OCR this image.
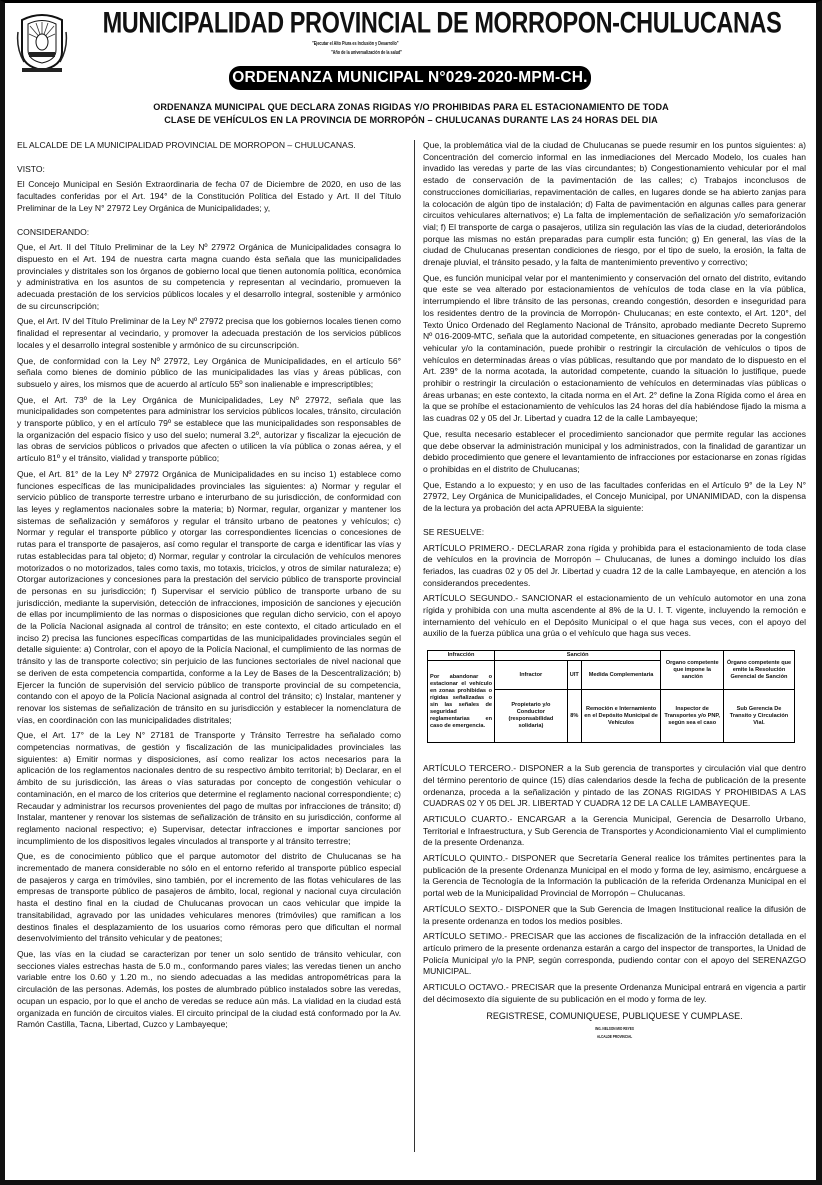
MUNICIPALIDAD PROVINCIAL DE MORROPON-CHULUCANAS
"Ejecutar el Alto Piura es Inclusión y Desarrollo"
"Año de la universalización de la salud"
ORDENANZA MUNICIPAL N°029-2020-MPM-CH.
ORDENANZA MUNICIPAL QUE DECLARA ZONAS RIGIDAS Y/O PROHIBIDAS PARA EL ESTACIONAMIENTO DE TODA
CLASE DE VEHÍCULOS EN LA PROVINCIA DE MORROPÓN – CHULUCANAS DURANTE LAS 24 HORAS DEL DIA

EL ALCALDE DE LA MUNICIPALIDAD PROVINCIAL DE MORROPON – CHULUCANAS.

VISTO:

El Concejo Municipal en Sesión Extraordinaria de fecha 07 de Diciembre de 2020, en uso de las facultades conferidas por el Art. 194° de la Constitución Política del Estado y Art. II del Título Preliminar de la Ley N° 27972 Ley Orgánica de Municipalidades; y,

CONSIDERANDO:

Que, el Art. II del Título Preliminar de la Ley Nº 27972 Orgánica de Municipalidades consagra lo dispuesto en el Art. 194 de nuestra carta magna cuando ésta señala que las municipalidades provinciales y distritales son los órganos de gobierno local que tienen autonomía política, económica y administrativa en los asuntos de su competencia y representan al vecindario, promueven la adecuada prestación de los servicios públicos locales y el desarrollo integral, sostenible y armónico de su circunscripción;

Que, el Art. IV del Título Preliminar de la Ley Nº 27972 precisa que los gobiernos locales tienen como finalidad el representar al vecindario, y promover la adecuada prestación de los servicios públicos locales y el desarrollo integral sostenible y armónico de su circunscripción.

Que, de conformidad con la Ley Nº 27972, Ley Orgánica de Municipalidades, en el artículo 56° señala como bienes de dominio público de las municipalidades las vías y áreas públicas, con subsuelo y aires, los mismos que de acuerdo al artículo 55º son inalienable e imprescriptibles;

Que, el Art. 73º de la Ley Orgánica de Municipalidades, Ley Nº 27972, señala que las municipalidades son competentes para administrar los servicios públicos locales, tránsito, circulación y transporte público, y en el artículo 79º se establece que las municipalidades son responsables de la organización del espacio físico y uso del suelo; numeral 3.2º, autorizar y fiscalizar la ejecución de las obras de servicios públicos o privados que afecten o utilicen la vía pública o zonas aérea, y el artículo 81º y el tránsito, vialidad y transporte público;

Que, el Art. 81° de la Ley Nº 27972 Orgánica de Municipalidades en su inciso 1) establece como funciones específicas de las municipalidades provinciales las siguientes: a) Normar y regular el servicio público de transporte terrestre urbano e interurbano de su jurisdicción, de conformidad con las leyes y reglamentos nacionales sobre la materia; b) Normar, regular, organizar y mantener los sistemas de señalización y semáforos y regular el tránsito urbano de peatones y vehículos; c) Normar y regular el transporte público y otorgar las correspondientes licencias o concesiones de rutas para el transporte de pasajeros, así como regular el transporte de carga e identificar las vías y rutas establecidas para tal objeto; d) Normar, regular y controlar la circulación de vehículos menores motorizados o no motorizados, tales como taxis, mo totaxis, triciclos, y otros de similar naturaleza; e) Otorgar autorizaciones y concesiones para la prestación del servicio público de transporte provincial de personas en su jurisdicción; f) Supervisar el servicio público de transporte urbano de su jurisdicción, mediante la supervisión, detección de infracciones, imposición de sanciones y ejecución de ellas por incumplimiento de las normas o disposiciones que regulan dicho servicio, con el apoyo de la Policía Nacional asignada al control de tránsito; en este contexto, el citado articulado en el inciso 2) precisa las funciones específicas compartidas de las municipalidades provinciales según el detalle siguiente: a) Controlar, con el apoyo de la Policía Nacional, el cumplimiento de las normas de tránsito y las de transporte colectivo; sin perjuicio de las funciones sectoriales de nivel nacional que se deriven de esta competencia compartida, conforme a la Ley de Bases de la Descentralización; b) Ejercer la función de supervisión del servicio público de transporte provincial de su competencia, contando con el apoyo de la Policía Nacional asignada al control del tránsito; c) Instalar, mantener y renovar los sistemas de señalización de tránsito en su jurisdicción y establecer la nomenclatura de vías, en coordinación con las municipalidades distritales;

Que, el Art. 17° de la Ley N° 27181 de Transporte y Tránsito Terrestre ha señalado como competencias normativas, de gestión y fiscalización de las municipalidades provinciales las siguientes: a) Emitir normas y disposiciones, así como realizar los actos necesarios para la aplicación de los reglamentos nacionales dentro de su respectivo ámbito territorial; b) Declarar, en el ámbito de su jurisdicción, las áreas o vías saturadas por concepto de congestión vehicular o contaminación, en el marco de los criterios que determine el reglamento nacional correspondiente; c) Recaudar y administrar los recursos provenientes del pago de multas por infracciones de tránsito; d) Instalar, mantener y renovar los sistemas de señalización de tránsito en su jurisdicción, conforme al reglamento nacional respectivo; e) Supervisar, detectar infracciones e importar sanciones por incumplimiento de los dispositivos legales vinculados al transporte y al tránsito terrestre;

Que, es de conocimiento público que el parque automotor del distrito de Chulucanas se ha incrementado de manera considerable no sólo en el entorno referido al transporte público especial de pasajeros y carga en trimóviles, sino también, por el incremento de las flotas vehiculares de las empresas de transporte público de pasajeros de ámbito, local, regional y nacional cuya circulación hasta el destino final en la ciudad de Chulucanas provocan un caos vehicular que impide la transitabilidad, agravado por las unidades vehiculares menores (trimóviles) que ramifican a los destinos finales el desplazamiento de los usuarios como rémoras pero que dificultan el normal desenvolvimiento del tránsito vehicular y de peatones;

Que, las vías en la ciudad se caracterizan por tener un solo sentido de tránsito vehicular, con secciones viales estrechas hasta de 5.0 m., conformando pares viales; las veredas tienen un ancho variable entre los 0.60 y 1.20 m., no siendo adecuadas a las medidas antropométricas para la circulación de las personas. Además, los postes de alumbrado público instalados sobre las veredas, ocupan un espacio, por lo que el ancho de veredas se reduce aún más. La vialidad en la ciudad está organizada en función de circuitos viales. El circuito principal de la ciudad está conformado por la Av. Ramón Castilla, Tacna, Libertad, Cuzco y Lambayeque;

Que, la problemática vial de la ciudad de Chulucanas se puede resumir en los puntos siguientes: a) Concentración del comercio informal en las inmediaciones del Mercado Modelo, los cuales han invadido las veredas y parte de las vías circundantes; b) Congestionamiento vehicular por el mal estado de conservación de la pavimentación de las calles; c) Trabajos inconclusos de construcciones domiciliarias, repavimentación de calles, en lugares donde se ha abierto zanjas para la colocación de algún tipo de instalación; d) Falta de pavimentación en algunas calles para generar circuitos vehiculares alternativos; e) La falta de implementación de señalización y/o semaforización vial; f) El transporte de carga o pasajeros, utiliza sin regulación las vías de la ciudad, deteriorándolos porque las mismas no están preparadas para cumplir esta función; g) En general, las vías de la ciudad de Chulucanas presentan condiciones de riesgo, por el tipo de suelo, la erosión, la falta de drenaje pluvial, el tránsito pesado, y la falta de mantenimiento preventivo y correctivo;

Que, es función municipal velar por el mantenimiento y conservación del ornato del distrito, evitando que este se vea alterado por estacionamientos de vehículos de toda clase en la vía pública, interrumpiendo el libre tránsito de las personas, creando congestión, desorden e inseguridad para los residentes dentro de la provincia de Morropón- Chulucanas; en este contexto, el Art. 120°, del Texto Único Ordenado del Reglamento Nacional de Tránsito, aprobado mediante Decreto Supremo Nº 016-2009-MTC, señala que la autoridad competente, en situaciones generadas por la congestión vehicular y/o la contaminación, puede prohibir o restringir la circulación de vehículos o tipos de vehículos en determinadas áreas o vías públicas, resultando que por mandato de lo dispuesto en el Art. 239° de la norma acotada, la autoridad competente, cuando la situación lo justifique, puede prohibir o restringir la circulación o estacionamiento de vehículos en determinadas vías públicas o áreas urbanas; en este contexto, la citada norma en el Art. 2° define la Zona Rígida como el área en la que se prohíbe el estacionamiento de vehículos las 24 horas del día habiéndose fijado la misma a las cuadras 02 y 05 del Jr. Libertad y cuadra 12 de la calle Lambayeque;

Que, resulta necesario establecer el procedimiento sancionador que permite regular las acciones que debe observar la administración municipal y los administrados, con la finalidad de garantizar un debido procedimiento que genere el levantamiento de infracciones por estacionarse en zonas rígidas o prohibidas en el distrito de Chulucanas;

Que, Estando a lo expuesto; y en uso de las facultades conferidas en el Artículo 9° de la Ley N° 27972, Ley Orgánica de Municipalidades, el Concejo Municipal, por UNANIMIDAD, con la dispensa de la lectura ya probación del acta APRUEBA la siguiente:

SE RESUELVE:

ARTÍCULO PRIMERO.- DECLARAR zona rígida y prohibida para el estacionamiento de toda clase de vehículos en la provincia de Morropón – Chulucanas, de lunes a domingo incluido los días feriados, las cuadras 02 y 05 del Jr. Libertad y cuadra 12 de la calle Lambayeque, en atención a los considerandos precedentes.

ARTÍCULO SEGUNDO.- SANCIONAR el estacionamiento de un vehículo automotor en una zona rígida y prohibida con una multa ascendente al 8% de la U. I. T. vigente, incluyendo la remoción e internamiento del vehículo en el Depósito Municipal o el que haga sus veces, con el apoyo del auxilio de la fuerza pública una grúa o el vehículo que haga sus veces.

Infracción	Sanción			Organo competente que impone la sanción	Órgano competente que emite la Resolución Gerencial de Sanción
Por abandonar o estacionar el vehículo en zonas prohibidas o rígidas señalizadas o sin las señales de seguridad reglamentarias en caso de emergencia.	Infractor	UIT	Medida Complementaria		
	Propietario y/o Conductor (responsabilidad solidaria)	8%	Remoción e Internamiento en el Depósito Municipal de Vehículos	Inspector de Transportes y/o PNP, según sea el caso	Sub Gerencia De Transito y Circulación Vial.

ARTÍCULO TERCERO.- DISPONER a la Sub gerencia de transportes y circulación vial que dentro del término perentorio de quince (15) días calendarios desde la fecha de publicación de la presente ordenanza, proceda a la señalización y pintado de las ZONAS RIGIDAS Y PROHIBIDAS A LAS CUADRAS 02 Y 05 DEL JR. LIBERTAD Y CUADRA 12 DE LA CALLE LAMBAYEQUE.

ARTICULO CUARTO.- ENCARGAR a la Gerencia Municipal, Gerencia de Desarrollo Urbano, Territorial e Infraestructura, y Sub Gerencia de Transportes y Acondicionamiento Vial el cumplimiento de la presente Ordenanza.

ARTÍCULO QUINTO.- DISPONER que Secretaría General realice los trámites pertinentes para la publicación de la presente Ordenanza Municipal en el modo y forma de ley, asimismo, encárguese a la Gerencia de Tecnología de la Información la publicación de la referida Ordenanza Municipal en el portal web de la Municipalidad Provincial de Morropón – Chulucanas.

ARTÍCULO SEXTO.- DISPONER que la Sub Gerencia de Imagen Institucional realice la difusión de la presente ordenanza en todos los medios posibles.

ARTÍCULO SETIMO.- PRECISAR que las acciones de fiscalización de la infracción detallada en el artículo primero de la presente ordenanza estarán a cargo del inspector de transportes, la Unidad de Policía Municipal y/o la PNP, según corresponda, pudiendo contar con el apoyo del SERENAZGO MUNICIPAL.

ARTICULO OCTAVO.- PRECISAR que la presente Ordenanza Municipal entrará en vigencia a partir del décimosexto día siguiente de su publicación en el modo y forma de ley.

REGISTRESE, COMUNIQUESE, PUBLIQUESE Y CUMPLASE.
ING. NELSON MIO REYES
ALCALDE PROVINCIAL
